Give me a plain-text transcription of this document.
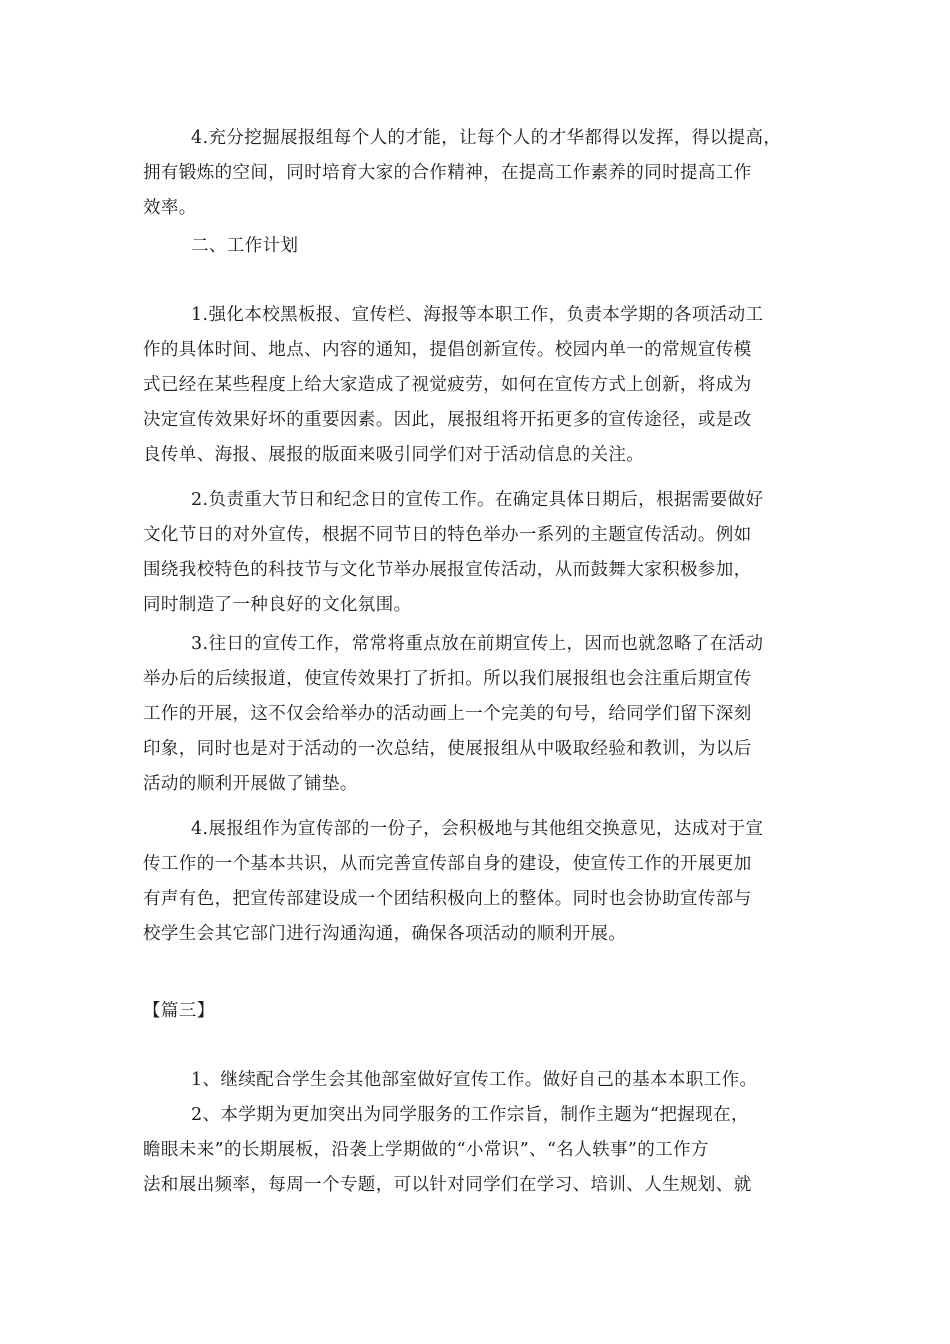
4.充分挖掘展报组每个人的才能，让每个人的才华都得以发挥，得以提高，
拥有锻炼的空间，同时培育大家的合作精神，在提高工作素养的同时提高工作
效率。
二、工作计划
1.强化本校黑板报、宣传栏、海报等本职工作，负责本学期的各项活动工
作的具体时间、地点、内容的通知，提倡创新宣传。校园内单一的常规宣传模
式已经在某些程度上给大家造成了视觉疲劳，如何在宣传方式上创新，将成为
决定宣传效果好坏的重要因素。因此，展报组将开拓更多的宣传途径，或是改
良传单、海报、展报的版面来吸引同学们对于活动信息的关注。
2.负责重大节日和纪念日的宣传工作。在确定具体日期后，根据需要做好
文化节日的对外宣传，根据不同节日的特色举办一系列的主题宣传活动。例如
围绕我校特色的科技节与文化节举办展报宣传活动，从而鼓舞大家积极参加，
同时制造了一种良好的文化氛围。
3.往日的宣传工作，常常将重点放在前期宣传上，因而也就忽略了在活动
举办后的后续报道，使宣传效果打了折扣。所以我们展报组也会注重后期宣传
工作的开展，这不仅会给举办的活动画上一个完美的句号，给同学们留下深刻
印象，同时也是对于活动的一次总结，使展报组从中吸取经验和教训，为以后
活动的顺利开展做了铺垫。
4.展报组作为宣传部的一份子，会积极地与其他组交换意见，达成对于宣
传工作的一个基本共识，从而完善宣传部自身的建设，使宣传工作的开展更加
有声有色，把宣传部建设成一个团结积极向上的整体。同时也会协助宣传部与
校学生会其它部门进行沟通沟通，确保各项活动的顺利开展。
【篇三】
1、继续配合学生会其他部室做好宣传工作。做好自己的基本本职工作。
2、本学期为更加突出为同学服务的工作宗旨，制作主题为“把握现在，
瞻眼未来”的长期展板，沿袭上学期做的“小常识”、“名人轶事”的工作方
法和展出频率，每周一个专题，可以针对同学们在学习、培训、人生规划、就
